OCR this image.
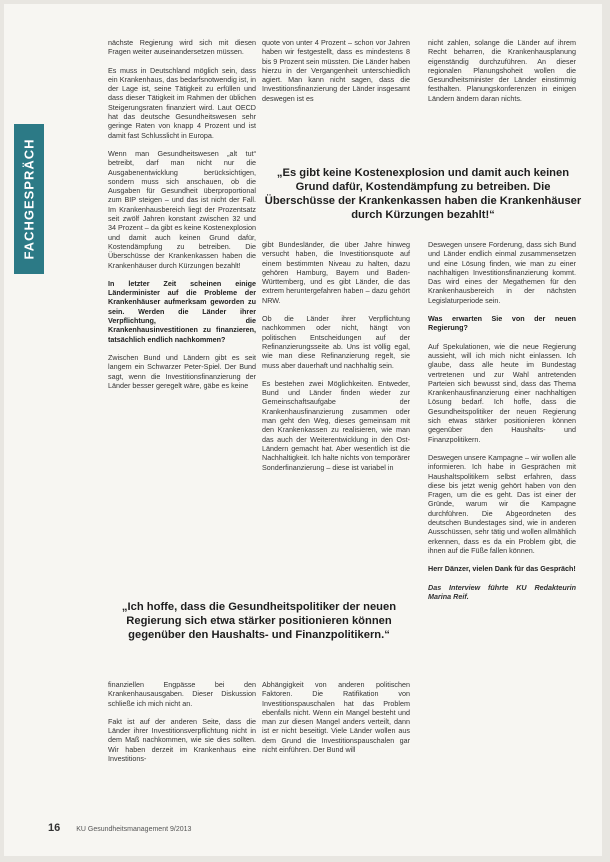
FACHGESPRÄCH

nächste Regierung wird sich mit diesen Fragen weiter auseinandersetzen müssen.

Es muss in Deutschland möglich sein, dass ein Krankenhaus, das bedarfsnotwendig ist, in der Lage ist, seine Tätigkeit zu erfüllen und dass dieser Tätigkeit im Rahmen der üblichen Steigerungsraten finanziert wird. Laut OECD hat das deutsche Gesundheitswesen sehr geringe Raten von knapp 4 Prozent und ist damit fast Schlusslicht in Europa.

Wenn man Gesundheitswesen „alt tut“ betreibt, darf man nicht nur die Ausgabenentwicklung berücksichtigen, sondern muss sich anschauen, ob die Ausgaben für Gesundheit überproportional zum BIP steigen – und das ist nicht der Fall. Im Krankenhausbereich liegt der Prozentsatz seit zwölf Jahren konstant zwischen 32 und 34 Prozent – da gibt es keine Kostenexplosion und damit auch keinen Grund dafür, Kostendämpfung zu betreiben. Die Überschüsse der Krankenkassen haben die Krankenhäuser durch Kürzungen bezahlt!

In letzter Zeit scheinen einige Länderminister auf die Probleme der Krankenhäuser aufmerksam geworden zu sein. Werden die Länder ihrer Verpflichtung, die Krankenhausinvestitionen zu finanzieren, tatsächlich endlich nachkommen?

Zwischen Bund und Ländern gibt es seit langem ein Schwarzer Peter-Spiel. Der Bund sagt, wenn die Investitionsfinanzierung der Länder besser geregelt wäre, gäbe es keine

quote von unter 4 Prozent – schon vor Jahren haben wir festgestellt, dass es mindestens 8 bis 9 Prozent sein müssten. Die Länder haben hierzu in der Vergangenheit unterschiedlich agiert. Man kann nicht sagen, dass die Investitionsfinanzierung der Länder insgesamt deswegen ist es

nicht zahlen, solange die Länder auf ihrem Recht beharren, die Krankenhausplanung eigenständig durchzuführen. An dieser regionalen Planungshoheit wollen die Gesundheitsminister der Länder einstimmig festhalten. Planungskonferenzen in einigen Ländern ändern daran nichts.

„Es gibt keine Kostenexplosion und damit auch keinen Grund dafür, Kostendämpfung zu betreiben. Die Überschüsse der Krankenkassen haben die Krankenhäuser durch Kürzungen bezahlt!“

gibt Bundesländer, die über Jahre hinweg versucht haben, die Investitionsquote auf einem bestimmten Niveau zu halten, dazu gehören Hamburg, Bayern und Baden-Württemberg, und es gibt Länder, die das extrem heruntergefahren haben – dazu gehört NRW.

Ob die Länder ihrer Verpflichtung nachkommen oder nicht, hängt von politischen Entscheidungen auf der Refinanzierungsseite ab. Uns ist völlig egal, wie man diese Refinanzierung regelt, sie muss aber dauerhaft und nachhaltig sein.

Es bestehen zwei Möglichkeiten. Entweder, Bund und Länder finden wieder zur Gemeinschaftsaufgabe der Krankenhausfinanzierung zusammen oder man geht den Weg, dieses gemeinsam mit den Krankenkassen zu realisieren, wie man das auch der Weiterentwicklung in den Ost-Ländern gemacht hat. Aber wesentlich ist die Nachhaltigkeit. Ich halte nichts von temporärer Sonderfinanzierung – diese ist variabel in

Deswegen unsere Forderung, dass sich Bund und Länder endlich einmal zusammensetzen und eine Lösung finden, wie man zu einer nachhaltigen Investitionsfinanzierung kommt. Das wird eines der Megathemen für den Krankenhausbereich in der nächsten Legislaturperiode sein.

Was erwarten Sie von der neuen Regierung?

Auf Spekulationen, wie die neue Regierung aussieht, will ich mich nicht einlassen. Ich glaube, dass alle heute im Bundestag vertretenen und zur Wahl antretenden Parteien sich bewusst sind, dass das Thema Krankenhausfinanzierung einer nachhaltigen Lösung bedarf. Ich hoffe, dass die Gesundheitspolitiker der neuen Regierung sich etwas stärker positionieren können gegenüber den Haushalts- und Finanzpolitikern.

Deswegen unsere Kampagne – wir wollen alle informieren. Ich habe in Gesprächen mit Haushaltspolitikern selbst erfahren, dass diese bis jetzt wenig gehört haben von den Fragen, um die es geht. Das ist einer der Gründe, warum wir die Kampagne durchführen. Die Abgeordneten des deutschen Bundestages sind, wie in anderen Ausschüssen, sehr tätig und wollen allmählich erkennen, dass es da ein Problem gibt, die ihnen auf die Füße fallen können.

Herr Dänzer, vielen Dank für das Gespräch!

Das Interview führte KU Redakteurin Marina Reif.

„Ich hoffe, dass die Gesundheitspolitiker der neuen Regierung sich etwa stärker positionieren können gegenüber den Haushalts- und Finanzpolitikern.“

finanziellen Engpässe bei den Krankenhausausgaben. Dieser Diskussion schließe ich mich nicht an.

Fakt ist auf der anderen Seite, dass die Länder ihrer Investitionsverpflichtung nicht in dem Maß nachkommen, wie sie dies sollten. Wir haben derzeit im Krankenhaus eine Investitions-

Abhängigkeit von anderen politischen Faktoren. Die Ratifikation von Investitionspauschalen hat das Problem ebenfalls nicht. Wenn ein Mangel besteht und man zur diesen Mangel anders verteilt, dann ist er nicht beseitigt. Viele Länder wollen aus dem Grund die Investitionspauschalen gar nicht einführen. Der Bund will

16 KU Gesundheitsmanagement 9/2013
